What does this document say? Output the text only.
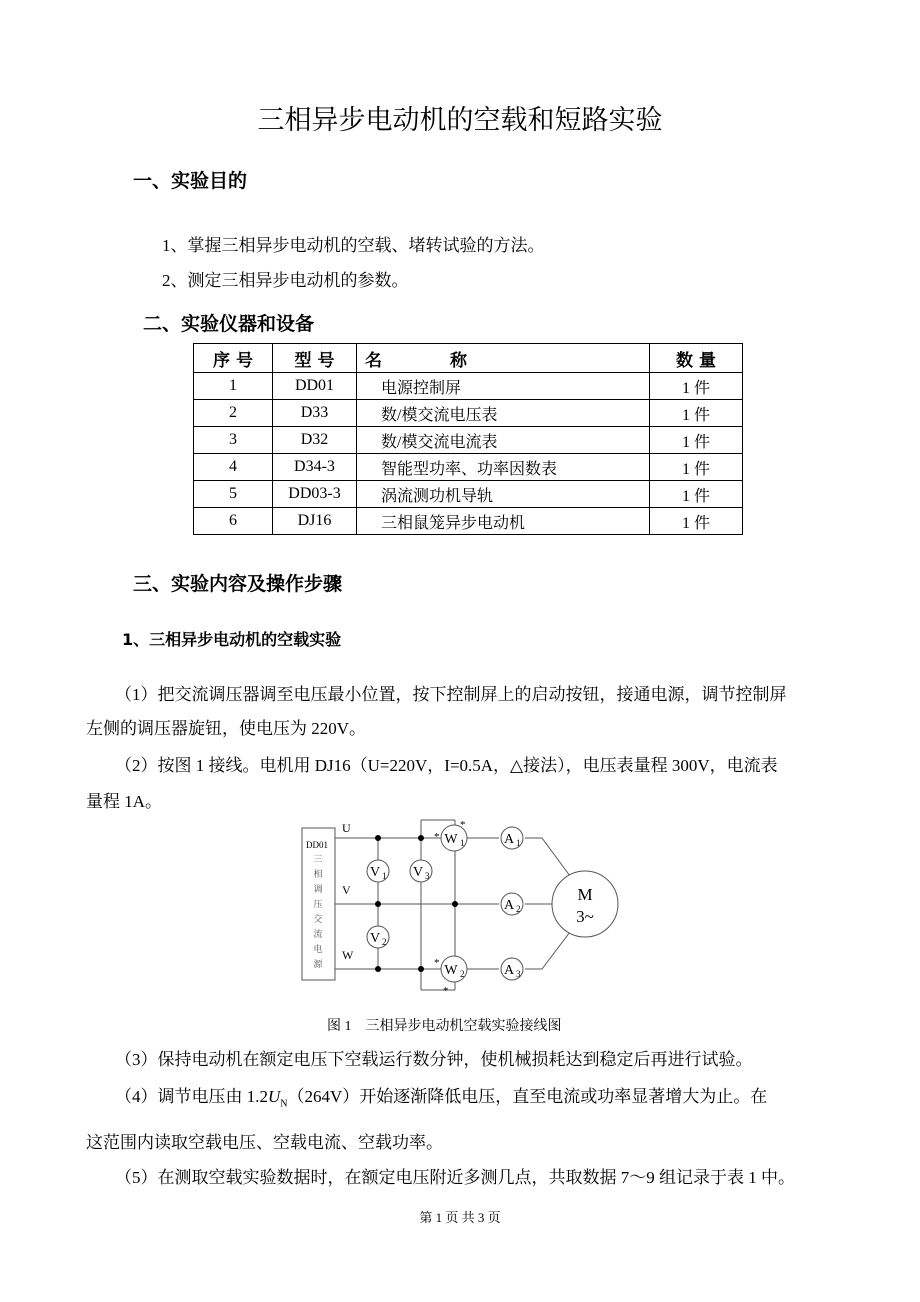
三相异步电动机的空载和短路实验
一、实验目的
1、掌握三相异步电动机的空载、堵转试验的方法。
2、测定三相异步电动机的参数。
二、实验仪器和设备
序 号	型 号	名　　　　称	数 量
1	DD01	电源控制屏	1 件
2	D33	数/模交流电压表	1 件
3	D32	数/模交流电流表	1 件
4	D34-3	智能型功率、功率因数表	1 件
5	DD03-3	涡流测功机导轨	1 件
6	DJ16	三相鼠笼异步电动机	1 件
三、实验内容及操作步骤
1、三相异步电动机的空载实验
（1）把交流调压器调至电压最小位置，按下控制屏上的启动按钮，接通电源，调节控制屏
左侧的调压器旋钮，使电压为 220V。
（2）按图 1 接线。电机用 DJ16（U=220V，I=0.5A，△接法），电压表量程 300V，电流表
量程 1A。
DD01
三相调压交流电源
U
V
W
V 1
V 2
V 3
W 1
W 2
A 1
A 2
A 3
M
3~
*
*
*
*
图 1　三相异步电动机空载实验接线图
（3）保持电动机在额定电压下空载运行数分钟，使机械损耗达到稳定后再进行试验。
（4）调节电压由 $1.2U_N(264V)$开始逐渐降低电压，直至电流或功率显著增大为止。在
这范围内读取空载电压、空载电流、空载功率。
（5）在测取空载实验数据时，在额定电压附近多测几点，共取数据 7～9 组记录于表 1 中。
第 1 页 共 3 页
